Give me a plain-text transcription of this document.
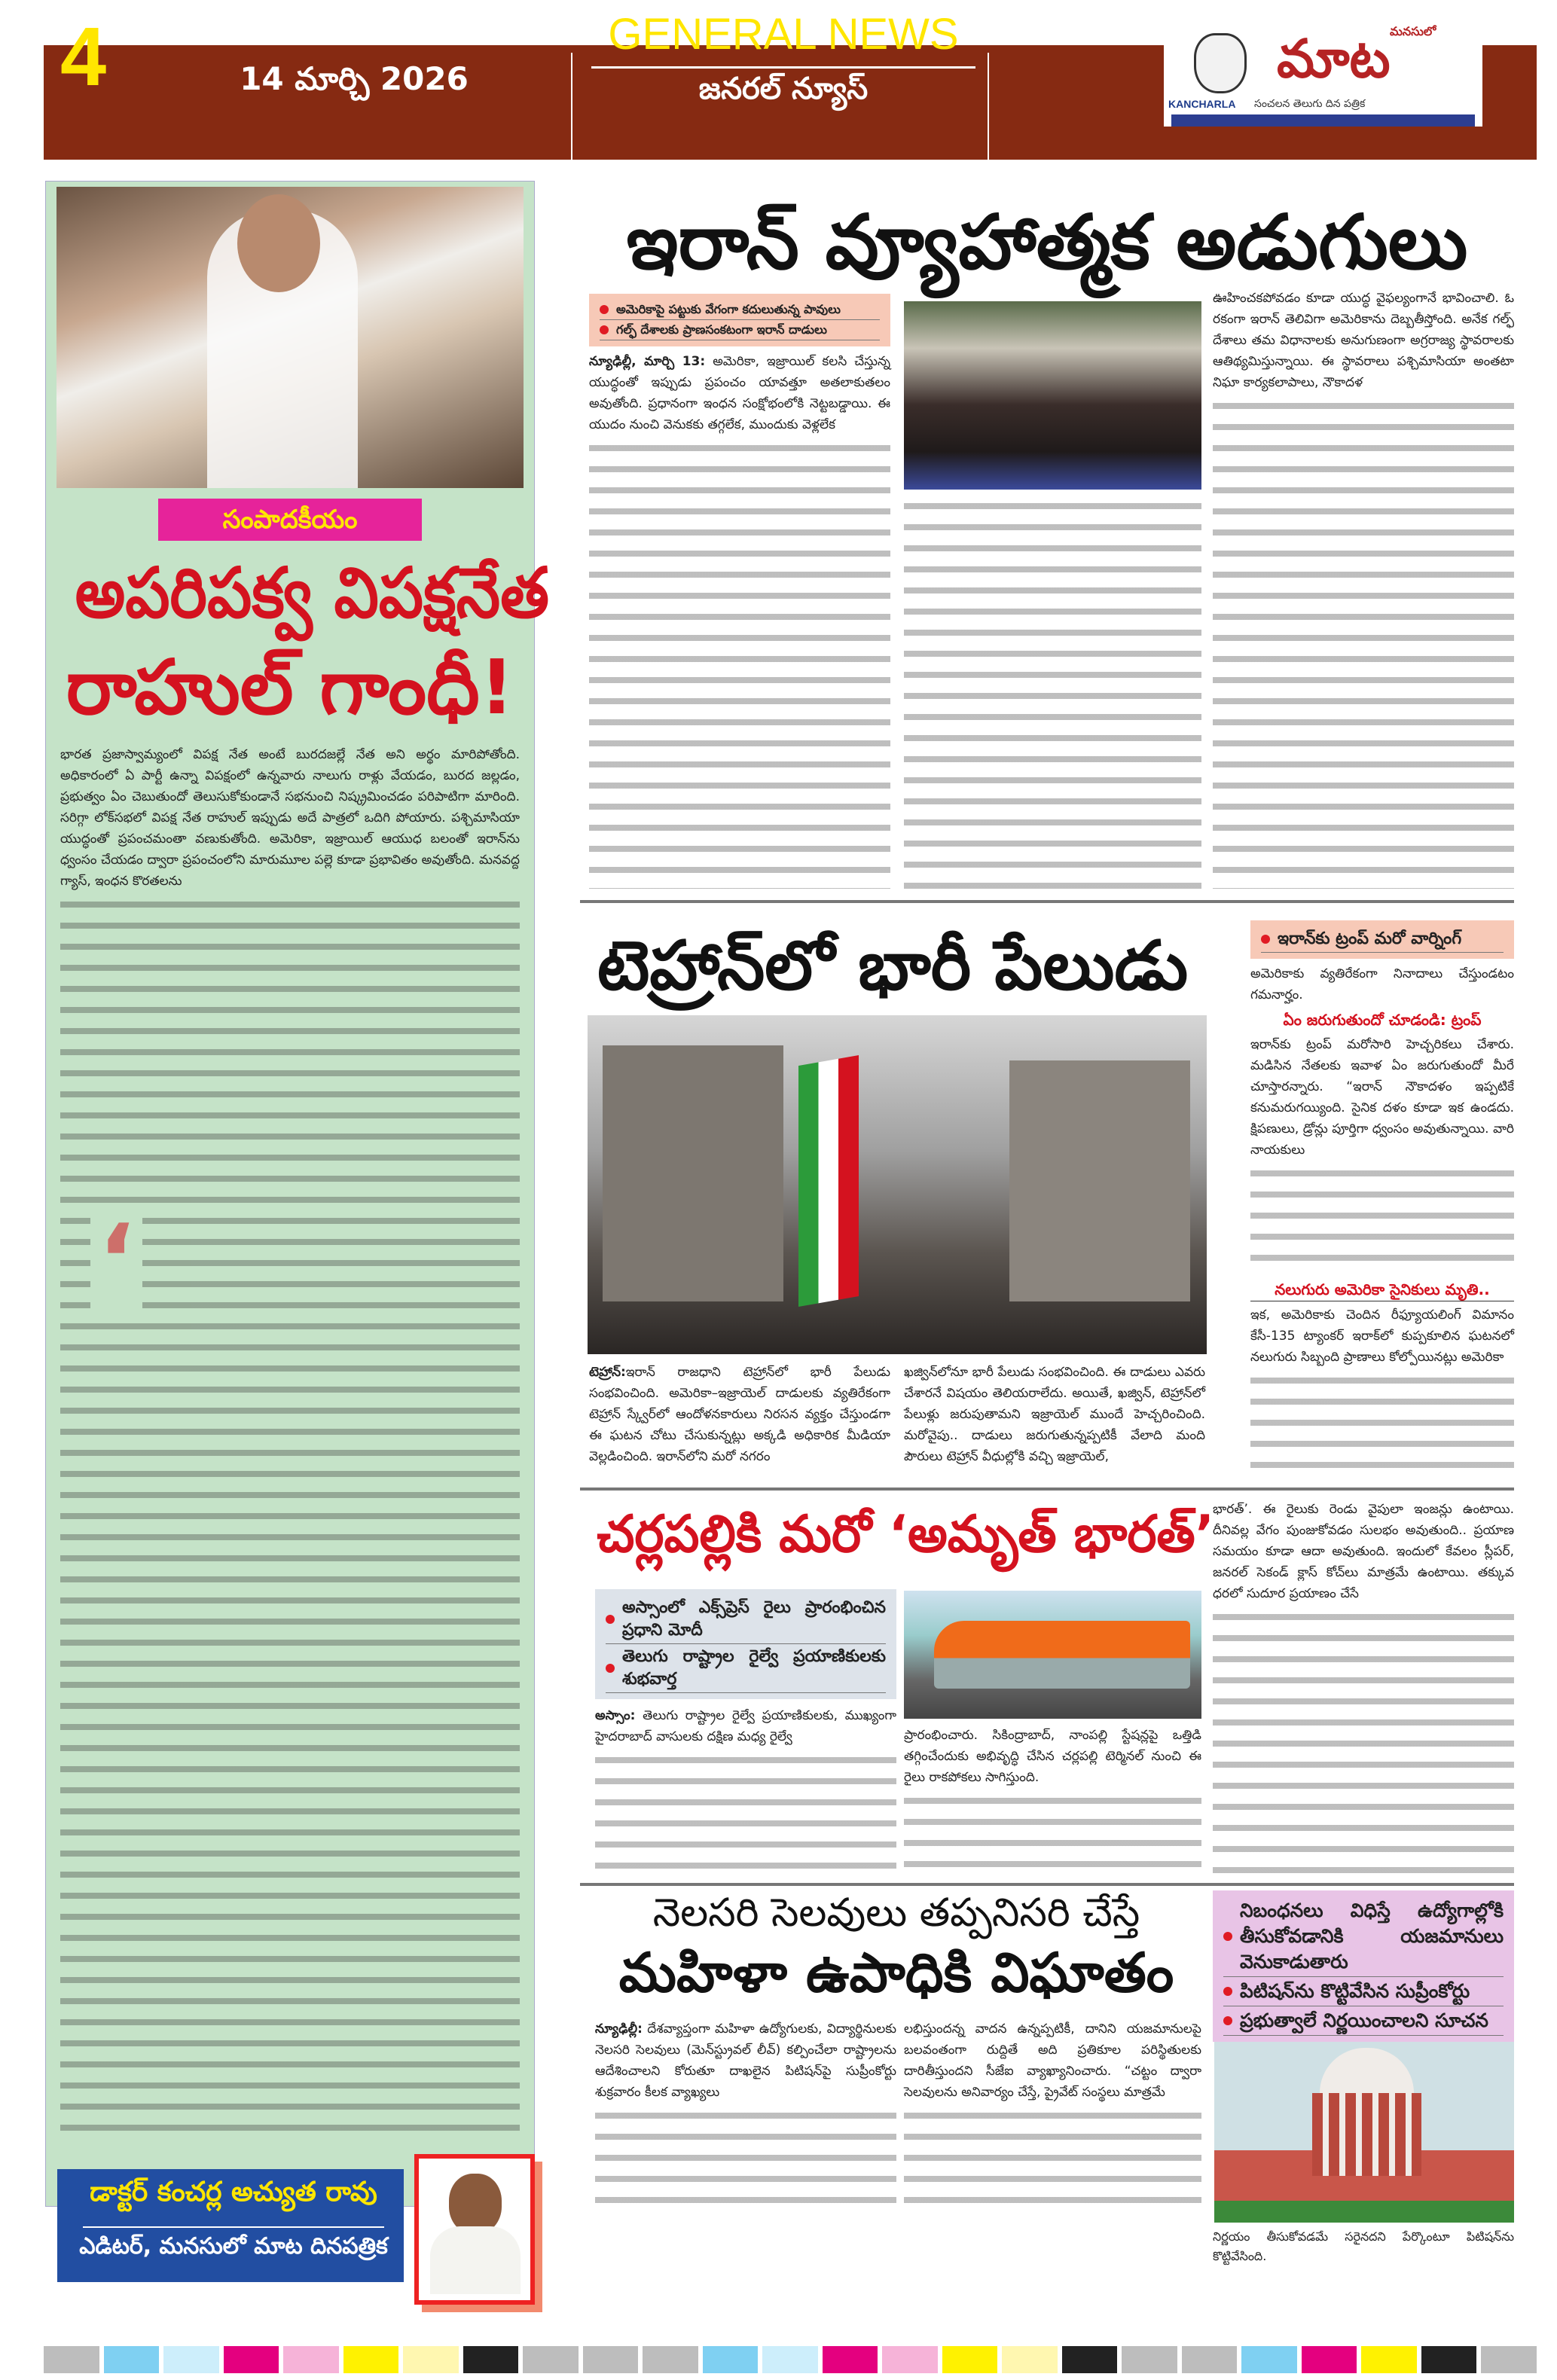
4	శనివారం
14 మార్చి 2026
GENERAL NEWS
జనరల్ న్యూస్
మనసులో
మాట
KANCHARLA సంచలన తెలుగు దిన పత్రిక
సంపాదకీయం
అపరిపక్వ విపక్షనేత
రాహుల్ గాంధీ!

భారత ప్రజాస్వామ్యంలో విపక్ష నేత అంటే బురదజల్లే నేత అని అర్థం మారిపోతోంది. అధికారంలో ఏ పార్టీ ఉన్నా విపక్షంలో ఉన్నవారు నాలుగు రాళ్లు వేయడం, బురద జల్లడం, ప్రభుత్వం ఏం చెబుతుందో తెలుసుకోకుండానే సభనుంచి నిష్క్రమించడం పరిపాటిగా మారింది. సరిగ్గా లోక్‌సభలో విపక్ష నేత రాహుల్ ఇప్పుడు అదే పాత్రలో ఒదిగి పోయారు. పశ్చిమాసియా యుద్ధంతో ప్రపంచమంతా వణుకుతోంది. అమెరికా, ఇజ్రాయిల్ ఆయుధ బలంతో ఇరాన్‌ను ధ్వంసం చేయడం ద్వారా ప్రపంచంలోని మారుమూల పల్లె కూడా ప్రభావితం అవుతోంది. మనవద్ద గ్యాస్, ఇంధన కొరతలను

‘
డాక్టర్ కంచర్ల అచ్యుత రావు
ఎడిటర్, మనసులో మాట దినపత్రిక
ఇరాన్ వ్యూహాత్మక అడుగులు
అమెరికాపై పట్టుకు వేగంగా కదులుతున్న పావులు
గల్ఫ్ దేశాలకు ప్రాణసంకటంగా ఇరాన్ దాడులు

న్యూఢిల్లీ, మార్చి 13: అమెరికా, ఇజ్రాయిల్ కలసి చేస్తున్న యుద్ధంతో ఇప్పుడు ప్రపంచం యావత్తూ అతలాకుతలం అవుతోంది. ప్రధానంగా ఇంధన సంక్షోభంలోకి నెట్టబడ్డాయి. ఈ యుదం నుంచి వెనుకకు తగ్గలేక, ముందుకు వెళ్లలేక

ఊహించకపోవడం కూడా యుద్ధ వైఫల్యంగానే భావించాలి. ఓ రకంగా ఇరాన్ తెలివిగా అమెరికాను దెబ్బతీస్తోంది. అనేక గల్ఫ్ దేశాలు తమ విధానాలకు అనుగుణంగా అగ్రరాజ్య స్థావరాలకు ఆతిథ్యమిస్తున్నాయి. ఈ స్థావరాలు పశ్చిమాసియా అంతటా నిఘా కార్యకలాపాలు, నౌకాదళ

టెహ్రాన్‌లో భారీ పేలుడు

టెహ్రాన్:ఇరాన్ రాజధాని టెహ్రాన్‌లో భారీ పేలుడు సంభవించింది. అమెరికా–ఇజ్రాయెల్ దాడులకు వ్యతిరేకంగా టెహ్రాన్ స్క్వేర్‌లో ఆందోళనకారులు నిరసన వ్యక్తం చేస్తుండగా ఈ ఘటన చోటు చేసుకున్నట్లు అక్కడి అధికారిక మీడియా వెల్లడించింది. ఇరాన్‌లోని మరో నగరం

ఖజ్విన్‌లోనూ భారీ పేలుడు సంభవించింది. ఈ దాడులు ఎవరు చేశారనే విషయం తెలియరాలేదు. అయితే, ఖజ్విన్, టెహ్రాన్‌లో పేలుళ్లు జరుపుతామని ఇజ్రాయెల్ ముందే హెచ్చరించింది. మరోవైపు.. దాడులు జరుగుతున్నప్పటికీ వేలాది మంది పౌరులు టెహ్రాన్ వీధుల్లోకి వచ్చి ఇజ్రాయెల్,

ఇరాన్‌కు ట్రంప్ మరో వార్నింగ్

అమెరికాకు వ్యతిరేకంగా నినాదాలు చేస్తుండటం గమనార్హం.

ఏం జరుగుతుందో చూడండి: ట్రంప్

ఇరాన్‌కు ట్రంప్ మరోసారి హెచ్చరికలు చేశారు. మడిసిన నేతలకు ఇవాళ ఏం జరుగుతుందో మీరే చూస్తారన్నారు. “ఇరాన్ నౌకాదళం ఇప్పటికే కనుమరుగయ్యింది. సైనిక దళం కూడా ఇక ఉండదు. క్షిపణులు, డ్రోన్లు పూర్తిగా ధ్వంసం అవుతున్నాయి. వారి నాయకులు

నలుగురు అమెరికా సైనికులు మృతి..

ఇక, అమెరికాకు చెందిన రీఫ్యూయలింగ్ విమానం కేసీ-135 ట్యాంకర్ ఇరాక్‌లో కుప్పకూలిన ఘటనలో నలుగురు సిబ్బంది ప్రాణాలు కోల్పోయినట్లు అమెరికా

చర్లపల్లికి మరో ‘అమృత్ భారత్’
అస్సాంలో ఎక్స్‌ప్రెస్ రైలు ప్రారంభించిన ప్రధాని మోదీ
తెలుగు రాష్ట్రాల రైల్వే ప్రయాణికులకు శుభవార్త

అస్సాం: తెలుగు రాష్ట్రాల రైల్వే ప్రయాణికులకు, ముఖ్యంగా హైదరాబాద్ వాసులకు దక్షిణ మధ్య రైల్వే	ప్రారంభించారు. సికింద్రాబాద్, నాంపల్లి స్టేషన్లపై ఒత్తిడి తగ్గించేందుకు అభివృద్ధి చేసిన చర్లపల్లి టెర్మినల్ నుంచి ఈ రైలు రాకపోకలు సాగిస్తుంది.

భారత్’. ఈ రైలుకు రెండు వైపులా ఇంజన్లు ఉంటాయి. దీనివల్ల వేగం పుంజుకోవడం సులభం అవుతుంది.. ప్రయాణ సమయం కూడా ఆదా అవుతుంది. ఇందులో కేవలం స్లీపర్, జనరల్ సెకండ్ క్లాస్ కోచ్‌లు మాత్రమే ఉంటాయి. తక్కువ ధరలో సుదూర ప్రయాణం చేసే

నెలసరి సెలవులు తప్పనిసరి చేస్తే
మహిళా ఉపాధికి విఘాతం

న్యూఢిల్లీ: దేశవ్యాప్తంగా మహిళా ఉద్యోగులకు, విద్యార్థినులకు నెలసరి సెలవులు (మెన్‌స్ట్రువల్ లీవ్) కల్పించేలా రాష్ట్రాలను ఆదేశించాలని కోరుతూ దాఖలైన పిటిషన్‌పై సుప్రీంకోర్టు శుక్రవారం కీలక వ్యాఖ్యలు

లభిస్తుందన్న వాదన ఉన్నప్పటికీ, దానిని యజమానులపై బలవంతంగా రుద్దితే అది ప్రతికూల పరిస్థితులకు దారితీస్తుందని సీజేఐ వ్యాఖ్యానించారు. “చట్టం ద్వారా సెలవులను అనివార్యం చేస్తే, ప్రైవేట్ సంస్థలు మాత్రమే

నిబంధనలు విధిస్తే ఉద్యోగాల్లోకి తీసుకోవడానికి యజమానులు వెనుకాడుతారు
పిటిషన్‌ను కొట్టివేసిన సుప్రీంకోర్టు
ప్రభుత్వాలే నిర్ణయించాలని సూచన
నిర్ణయం తీసుకోవడమే సరైనదని పేర్కొంటూ పిటిషన్‌ను కొట్టివేసింది.
